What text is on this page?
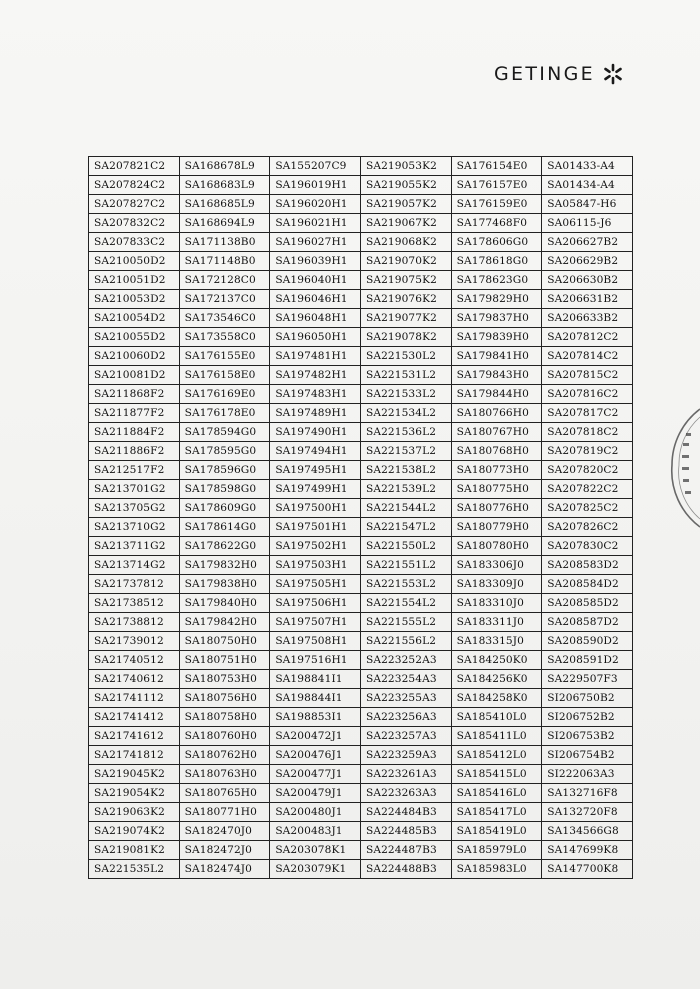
GETINGE
SA207821C2	SA168678L9	SA155207C9	SA219053K2	SA176154E0	SA01433-A4
SA207824C2	SA168683L9	SA196019H1	SA219055K2	SA176157E0	SA01434-A4
SA207827C2	SA168685L9	SA196020H1	SA219057K2	SA176159E0	SA05847-H6
SA207832C2	SA168694L9	SA196021H1	SA219067K2	SA177468F0	SA06115-J6
SA207833C2	SA171138B0	SA196027H1	SA219068K2	SA178606G0	SA206627B2
SA210050D2	SA171148B0	SA196039H1	SA219070K2	SA178618G0	SA206629B2
SA210051D2	SA172128C0	SA196040H1	SA219075K2	SA178623G0	SA206630B2
SA210053D2	SA172137C0	SA196046H1	SA219076K2	SA179829H0	SA206631B2
SA210054D2	SA173546C0	SA196048H1	SA219077K2	SA179837H0	SA206633B2
SA210055D2	SA173558C0	SA196050H1	SA219078K2	SA179839H0	SA207812C2
SA210060D2	SA176155E0	SA197481H1	SA221530L2	SA179841H0	SA207814C2
SA210081D2	SA176158E0	SA197482H1	SA221531L2	SA179843H0	SA207815C2
SA211868F2	SA176169E0	SA197483H1	SA221533L2	SA179844H0	SA207816C2
SA211877F2	SA176178E0	SA197489H1	SA221534L2	SA180766H0	SA207817C2
SA211884F2	SA178594G0	SA197490H1	SA221536L2	SA180767H0	SA207818C2
SA211886F2	SA178595G0	SA197494H1	SA221537L2	SA180768H0	SA207819C2
SA212517F2	SA178596G0	SA197495H1	SA221538L2	SA180773H0	SA207820C2
SA213701G2	SA178598G0	SA197499H1	SA221539L2	SA180775H0	SA207822C2
SA213705G2	SA178609G0	SA197500H1	SA221544L2	SA180776H0	SA207825C2
SA213710G2	SA178614G0	SA197501H1	SA221547L2	SA180779H0	SA207826C2
SA213711G2	SA178622G0	SA197502H1	SA221550L2	SA180780H0	SA207830C2
SA213714G2	SA179832H0	SA197503H1	SA221551L2	SA183306J0	SA208583D2
SA21737812	SA179838H0	SA197505H1	SA221553L2	SA183309J0	SA208584D2
SA21738512	SA179840H0	SA197506H1	SA221554L2	SA183310J0	SA208585D2
SA21738812	SA179842H0	SA197507H1	SA221555L2	SA183311J0	SA208587D2
SA21739012	SA180750H0	SA197508H1	SA221556L2	SA183315J0	SA208590D2
SA21740512	SA180751H0	SA197516H1	SA223252A3	SA184250K0	SA208591D2
SA21740612	SA180753H0	SA198841I1	SA223254A3	SA184256K0	SA229507F3
SA21741112	SA180756H0	SA198844I1	SA223255A3	SA184258K0	SI206750B2
SA21741412	SA180758H0	SA198853I1	SA223256A3	SA185410L0	SI206752B2
SA21741612	SA180760H0	SA200472J1	SA223257A3	SA185411L0	SI206753B2
SA21741812	SA180762H0	SA200476J1	SA223259A3	SA185412L0	SI206754B2
SA219045K2	SA180763H0	SA200477J1	SA223261A3	SA185415L0	SI222063A3
SA219054K2	SA180765H0	SA200479J1	SA223263A3	SA185416L0	SA132716F8
SA219063K2	SA180771H0	SA200480J1	SA224484B3	SA185417L0	SA132720F8
SA219074K2	SA182470J0	SA200483J1	SA224485B3	SA185419L0	SA134566G8
SA219081K2	SA182472J0	SA203078K1	SA224487B3	SA185979L0	SA147699K8
SA221535L2	SA182474J0	SA203079K1	SA224488B3	SA185983L0	SA147700K8
